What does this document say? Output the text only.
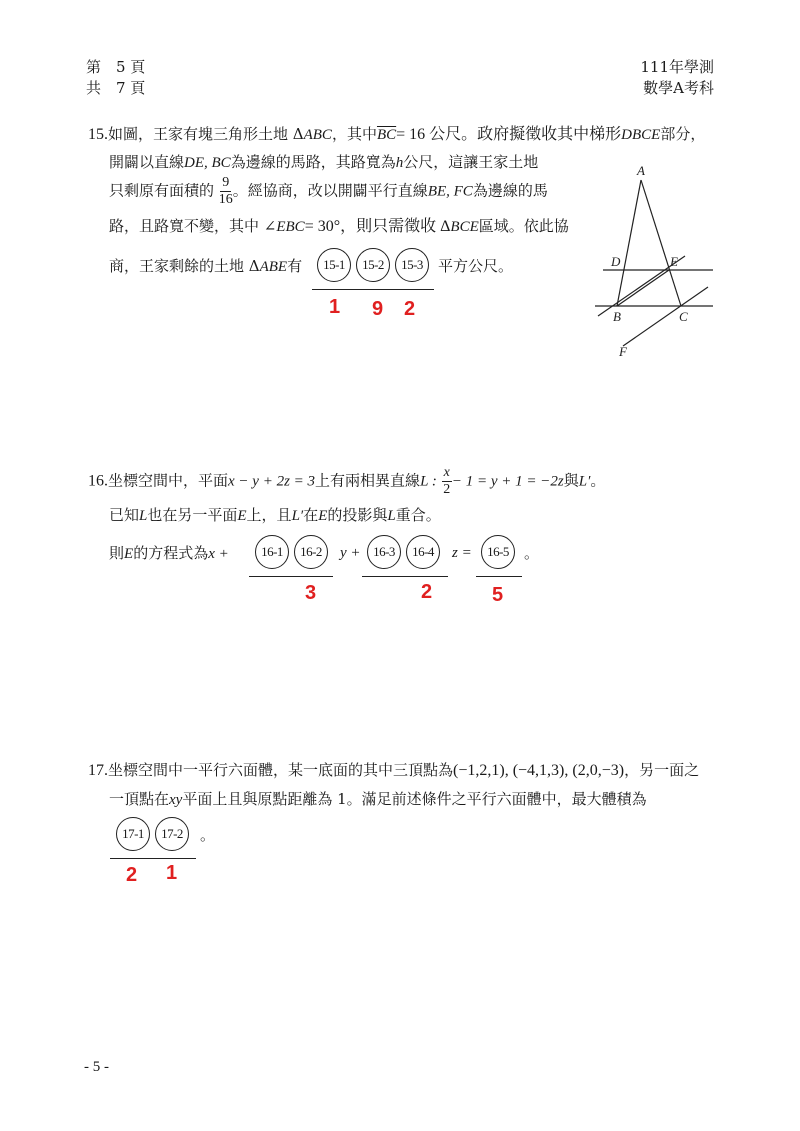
第　5 頁
共　7 頁
111年學測
數學A考科
15.如圖，王家有塊三角形土地 ΔABC，其中$\overline{BC}= 16$ 公尺。政府擬徵收其中梯形DBCE部分，
開闢以直線DE, BC為邊線的馬路，其路寬為h公尺，這讓王家土地
只剩原有面積的 $\frac{9}{16}$ 。經協商，改以開闢平行直線BE, FC為邊線的馬
路，且路寬不變，其中 ∠EBC= 30°，則只需徵收 ΔBCE區域。依此協
商，王家剩餘的土地 ΔABE有	15-1	15-2	15-3	平方公尺。
1 9 2
A
D	E
B	C
F
16.坐標空間中，平面x − y + 2z = 3上有兩相異直線L : $\frac{x}{2} - 1 = y + 1 = -2z$與L′。
已知L也在另一平面E上，且L′在E的投影與L重合。
則E的方程式為x +	16-1	16-2	y + 16-3	16-4	z =	16-5	。
3	2	5
17.坐標空間中一平行六面體，某一底面的其中三頂點為(−1,2,1), (−4,1,3), (2,0,−3)，另一面之
一頂點在xy平面上且與原點距離為 1。滿足前述條件之平行六面體中，最大體積為
17-1	17-2	。
2 1
- 5 -
